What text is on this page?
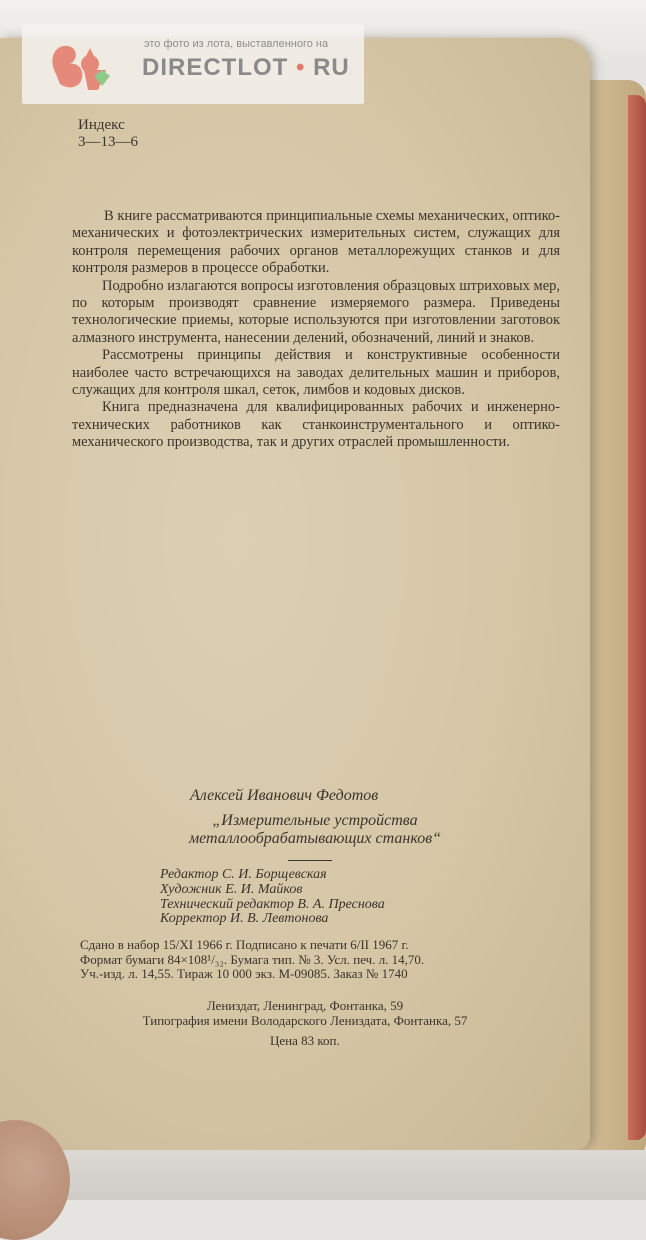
это фото из лота, выставленного на
DIRECTLOT • RU
Индекс
3—13—6

В книге рассматриваются принципиальные схемы механических, оптико-механических и фотоэлектрических измерительных систем, служащих для контроля перемещения рабочих органов металлорежущих станков и для контроля размеров в процессе обработки.

Подробно излагаются вопросы изготовления образцовых штриховых мер, по которым производят сравнение измеряемого размера. Приведены технологические приемы, которые используются при изготовлении заготовок алмазного инструмента, нанесении делений, обозначений, линий и знаков.

Рассмотрены принципы действия и конструктивные особенности наиболее часто встречающихся на заводах делительных машин и приборов, служащих для контроля шкал, сеток, лимбов и кодовых дисков.

Книга предназначена для квалифицированных рабочих и инженерно-технических работников как станкоинструментального и оптико-механического производства, так и других отраслей промышленности.

Алексей Иванович Федотов
„Измерительные устройства
металлообрабатывающих станков“
Редактор С. И. Борщевская
Художник Е. И. Майков
Технический редактор В. А. Преснова
Корректор И. В. Левтонова
Сдано в набор 15/XI 1966 г. Подписано к печати 6/II 1967 г.
Формат бумаги 84×108¹/₃₂. Бумага тип. № 3. Усл. печ. л. 14,70.
Уч.-изд. л. 14,55. Тираж 10 000 экз. М-09085. Заказ № 1740
Лениздат, Ленинград, Фонтанка, 59
Типография имени Володарского Лениздата, Фонтанка, 57
Цена 83 коп.
